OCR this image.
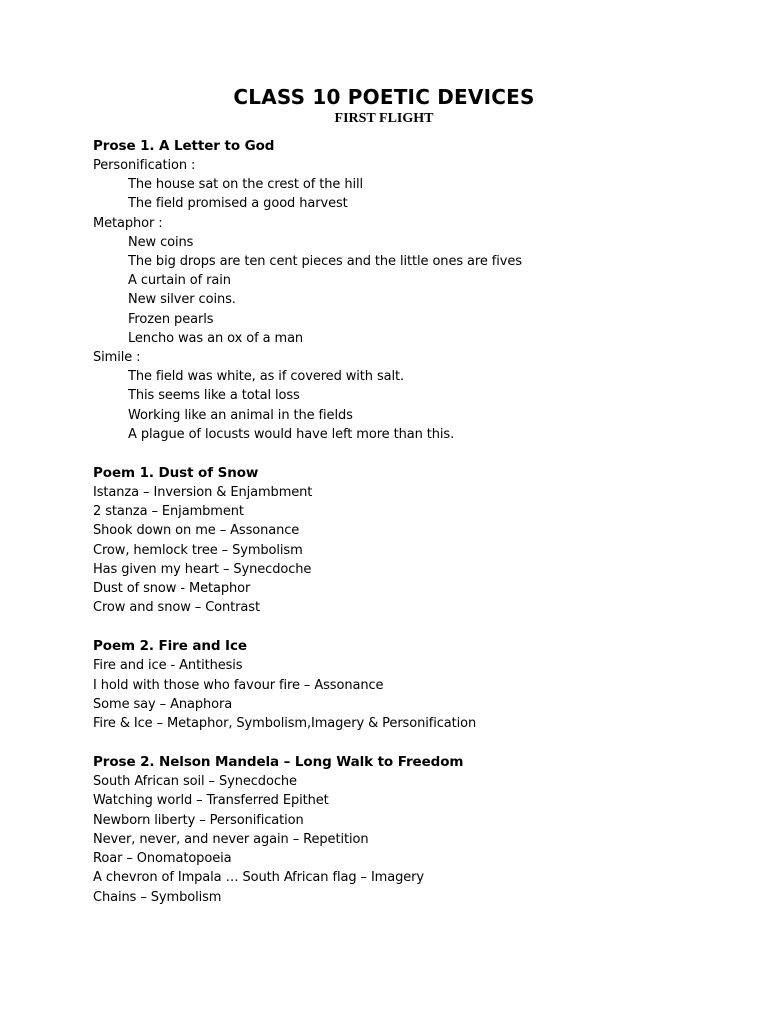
CLASS 10 POETIC DEVICES
FIRST FLIGHT

Prose 1. A Letter to God

Personification :

The house sat on the crest of the hill

The field promised a good harvest

Metaphor :

New coins

The big drops are ten cent pieces and the little ones are fives

A curtain of rain

New silver coins.

Frozen pearls

Lencho was an ox of a man

Simile :

The field was white, as if covered with salt.

This seems like a total loss

Working like an animal in the fields

A plague of locusts would have left more than this.

Poem 1. Dust of Snow

Istanza – Inversion & Enjambment

2 stanza – Enjambment

Shook down on me – Assonance

Crow, hemlock tree – Symbolism

Has given my heart – Synecdoche

Dust of snow - Metaphor

Crow and snow – Contrast

Poem 2. Fire and Ice

Fire and ice - Antithesis

I hold with those who favour fire – Assonance

Some say – Anaphora

Fire & Ice – Metaphor, Symbolism,Imagery & Personification

Prose 2. Nelson Mandela – Long Walk to Freedom

South African soil – Synecdoche

Watching world – Transferred Epithet

Newborn liberty – Personification

Never, never, and never again – Repetition

Roar – Onomatopoeia

A chevron of Impala … South African flag – Imagery

Chains – Symbolism
